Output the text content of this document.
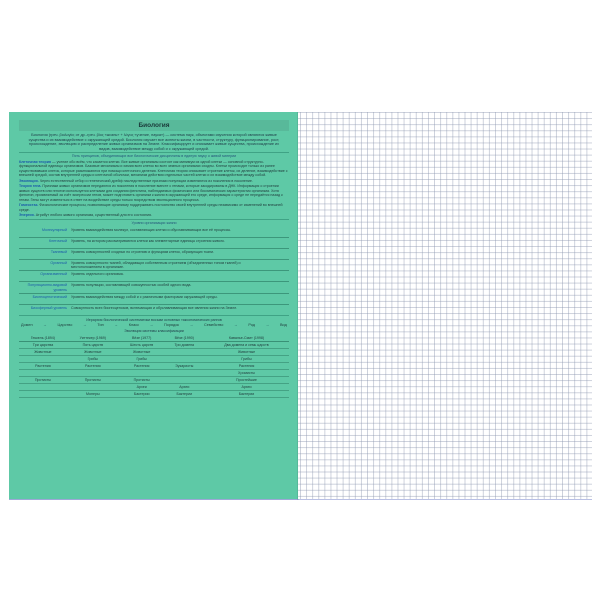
Биология
Биология (греч. βιολογία; от др.-греч. βίος «жизнь» + λόγος «учение, наука») — система наук, объектами изучения которой являются живые существа и их взаимодействие с окружающей средой. Биология изучает все аспекты жизни, в частности, структуру, функционирование, рост, происхождение, эволюцию и распределение живых организмов на Земле. Классифицирует и описывает живые существа, происхождение их видов, взаимодействие между собой и с окружающей средой.
Пять принципов, объединяющих все биологические дисциплины в единую науку о живой материи

Клеточная теория — учение обо всём, что касается клетки. Все живые организмы состоят как минимум из одной клетки — основной структурно-функциональной единицы организмов. Базовые механизмы и химия всех клеток во всех земных организмах сходны. Клетки происходят только из ранее существовавших клеток, которые размножаются при помощи клеточного деления. Клеточная теория описывает строение клеток, их деление, взаимодействие с внешней средой, состав внутренней среды и клеточной оболочки, механизм действия отдельных частей клетки и их взаимодействие между собой.

Эволюция. Через естественный отбор и генетический дрейф наследственные признаки популяции изменяются из поколения в поколение.

Теория гена. Признаки живых организмов передаются из поколения в поколение вместе с генами, которые закодированы в ДНК. Информация о строении живых существ или генотип используется клетками для создания фенотипа, наблюдаемых физических или биохимических характеристик организма. Хотя фенотип, проявляемый за счёт экспрессии генов, может подготовить организм к жизни в окружающей его среде, информация о среде не передаётся назад к генам. Гены могут изменяться в ответ на воздействие среды только посредством эволюционного процесса.

Гомеостаз. Физиологические процессы, позволяющие организму поддерживать постоянство своей внутренней среды независимо от изменений во внешней среде.

Энергия. Атрибут любого живого организма, существенный для его состояния.

Уровни организации жизни
Молекулярный	Уровень взаимодействия молекул, составляющих клетки и обуславливающих все её процессы.
Клеточный	Уровень, на котором рассматриваются клетки как элементарные единицы строения живого.
Тканевый	Уровень совокупностей сходных по строению и функциям клеток, образующих ткани.
Органный	Уровень совокупности тканей, обладающих собственным строением (объединенных типом тканей) и местоположением в организме.
Организменный	Уровень отдельного организма.
Популяционно-видовой уровень
Уровень популяции, составляющей совокупностью особей одного вида.
Биогеоценотический	Уровень взаимодействия между собой и с различными факторами окружающей среды.
Биосферный уровень	Совокупность всех биогеоценозов, включающая и обуславливающая все явления жизни на Земле.
Иерархия биологической систематики восьми основных таксономических рангов
Домен	→	Царство	→	Тип	→	Класс	→	Порядок	→	Семейство	→	Род	→	Вид
Эволюция системы классификации
Геккель (1894)	Уиттекер (1969)	Вёзе (1977)	Вёзе (1990)	Кавалье-Смит (1998)
Три царства	Пять царств	Шесть царств	Три домена	Два домена и семь царств
Животные	Животные	Животные		Животные
	Грибы	Грибы		Грибы
Растения	Растения	Растения	Эукариоты	Растения
				Хромисты
Протисты	Протисты	Протисты		Простейшие
		Археи	Археи	Археи
	Монеры	Бактерии	Бактерии	Бактерии
